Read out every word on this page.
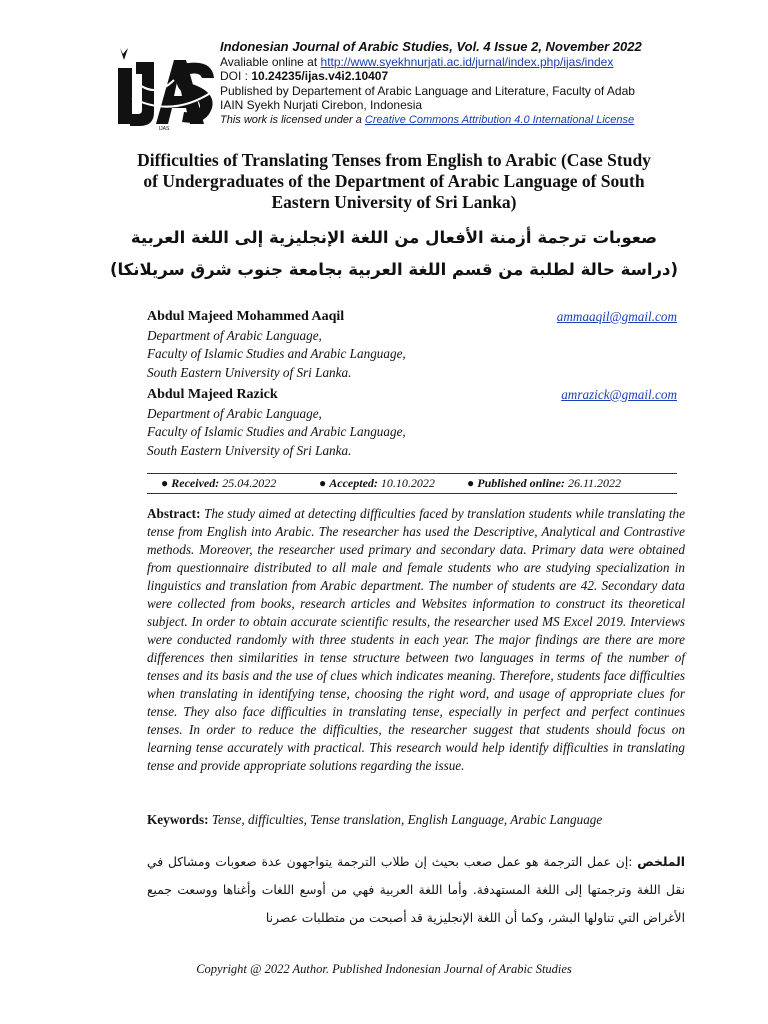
IJAS
Indonesian Journal of Arabic Studies, Vol. 4 Issue 2, November 2022
Avaliable online at http://www.syekhnurjati.ac.id/jurnal/index.php/ijas/index
DOI : 10.24235/ijas.v4i2.10407
Published by Departement of Arabic Language and Literature, Faculty of Adab
IAIN Syekh Nurjati Cirebon, Indonesia
This work is licensed under a Creative Commons Attribution 4.0 International License
Difficulties of Translating Tenses from English to Arabic (Case Study of Undergraduates of the Department of Arabic Language of South Eastern University of Sri Lanka)
صعوبات ترجمة أزمنة الأفعال من اللغة الإنجليزية إلى اللغة العربية
(دراسة حالة لطلبة من قسم اللغة العربية بجامعة جنوب شرق سريلانكا)
Abdul Majeed Mohammed Aaqil	ammaaqil@gmail.com
Department of Arabic Language,
Faculty of Islamic Studies and Arabic Language,
South Eastern University of Sri Lanka.
Abdul Majeed Razick	amrazick@gmail.com
Department of Arabic Language,
Faculty of Islamic Studies and Arabic Language,
South Eastern University of Sri Lanka.
● Received: 25.04.2022	● Accepted: 10.10.2022	● Published online: 26.11.2022
Abstract: The study aimed at detecting difficulties faced by translation students while translating the tense from English into Arabic. The researcher has used the Descriptive, Analytical and Contrastive methods. Moreover, the researcher used primary and secondary data. Primary data were obtained from questionnaire distributed to all male and female students who are studying specialization in linguistics and translation from Arabic department. The number of students are 42. Secondary data were collected from books, research articles and Websites information to construct its theoretical subject. In order to obtain accurate scientific results, the researcher used MS Excel 2019. Interviews were conducted randomly with three students in each year. The major findings are there are more differences then similarities in tense structure between two languages in terms of the number of tenses and its basis and the use of clues which indicates meaning. Therefore, students face difficulties when translating in identifying tense, choosing the right word, and usage of appropriate clues for tense. They also face difficulties in translating tense, especially in perfect and perfect continues tenses. In order to reduce the difficulties, the researcher suggest that students should focus on learning tense accurately with practical. This research would help identify difficulties in translating tense and provide appropriate solutions regarding the issue.
Keywords: Tense, difficulties, Tense translation, English Language, Arabic Language
الملخص :إن عمل الترجمة هو عمل صعب بحيث إن طلاب الترجمة يتواجهون عدة صعوبات ومشاكل في نقل اللغة وترجمتها إلى اللغة المستهدفة. وأما اللغة العربية فهي من أوسع اللغات وأغناها ووسعت جميع الأغراض التي تناولها البشر، وكما أن اللغة الإنجليزية قد أصبحت من متطلبات عصرنا
Copyright @ 2022 Author. Published Indonesian Journal of Arabic Studies
